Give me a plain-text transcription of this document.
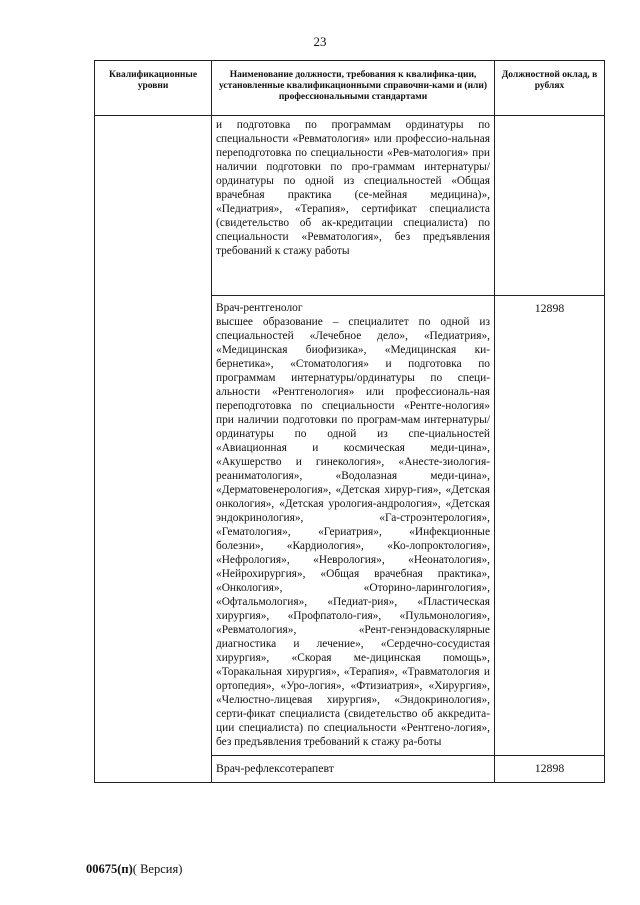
23
Квалификационные уровни	Наименование должности, требования к квалифика-ции, установленные квалификационными справочни-ками и (или) профессиональными стандартами	Должностной оклад, в рублях

	и подготовка по программам ординатуры по специальности «Ревматология» или профессио-нальная переподготовка по специальности «Рев-матология» при наличии подготовки по про-граммам интернатуры/ординатуры по одной из специальностей «Общая врачебная практика (се-мейная медицина)», «Педиатрия», «Терапия», сертификат специалиста (свидетельство об ак-кредитации специалиста) по специальности «Ревматология», без предъявления требований к стажу работы	

	Врач-рентгенолог
высшее образование – специалитет по одной из специальностей «Лечебное дело», «Педиатрия», «Медицинская биофизика», «Медицинская ки-бернетика», «Стоматология» и подготовка по программам интернатуры/ординатуры по специ-альности «Рентгенология» или профессиональ-ная переподготовка по специальности «Рентге-нология» при наличии подготовки по програм-мам интернатуры/ординатуры по одной из спе-циальностей «Авиационная и космическая меди-цина», «Акушерство и гинекология», «Анесте-зиология-реаниматология», «Водолазная меди-цина», «Дерматовенерология», «Детская хирур-гия», «Детская онкология», «Детская урология-андрология», «Детская эндокринология», «Га-строэнтерология», «Гематология», «Гериатрия», «Инфекционные болезни», «Кардиология», «Ко-лопроктология», «Нефрология», «Неврология», «Неонатология», «Нейрохирургия», «Общая врачебная практика», «Онкология», «Оторино-ларингология», «Офтальмология», «Педиат-рия», «Пластическая хирургия», «Профпатоло-гия», «Пульмонология», «Ревматология», «Рент-генэндоваскулярные диагностика и лечение», «Сердечно-сосудистая хирургия», «Скорая ме-дицинская помощь», «Торакальная хирургия», «Терапия», «Травматология и ортопедия», «Уро-логия», «Фтизиатрия», «Хирургия», «Челюстно-лицевая хирургия», «Эндокринология», серти-фикат специалиста (свидетельство об аккредита-ции специалиста) по специальности «Рентгено-логия», без предъявления требований к стажу ра-боты	12898

	Врач-рефлексотерапевт	12898
00675(п)( Версия)
